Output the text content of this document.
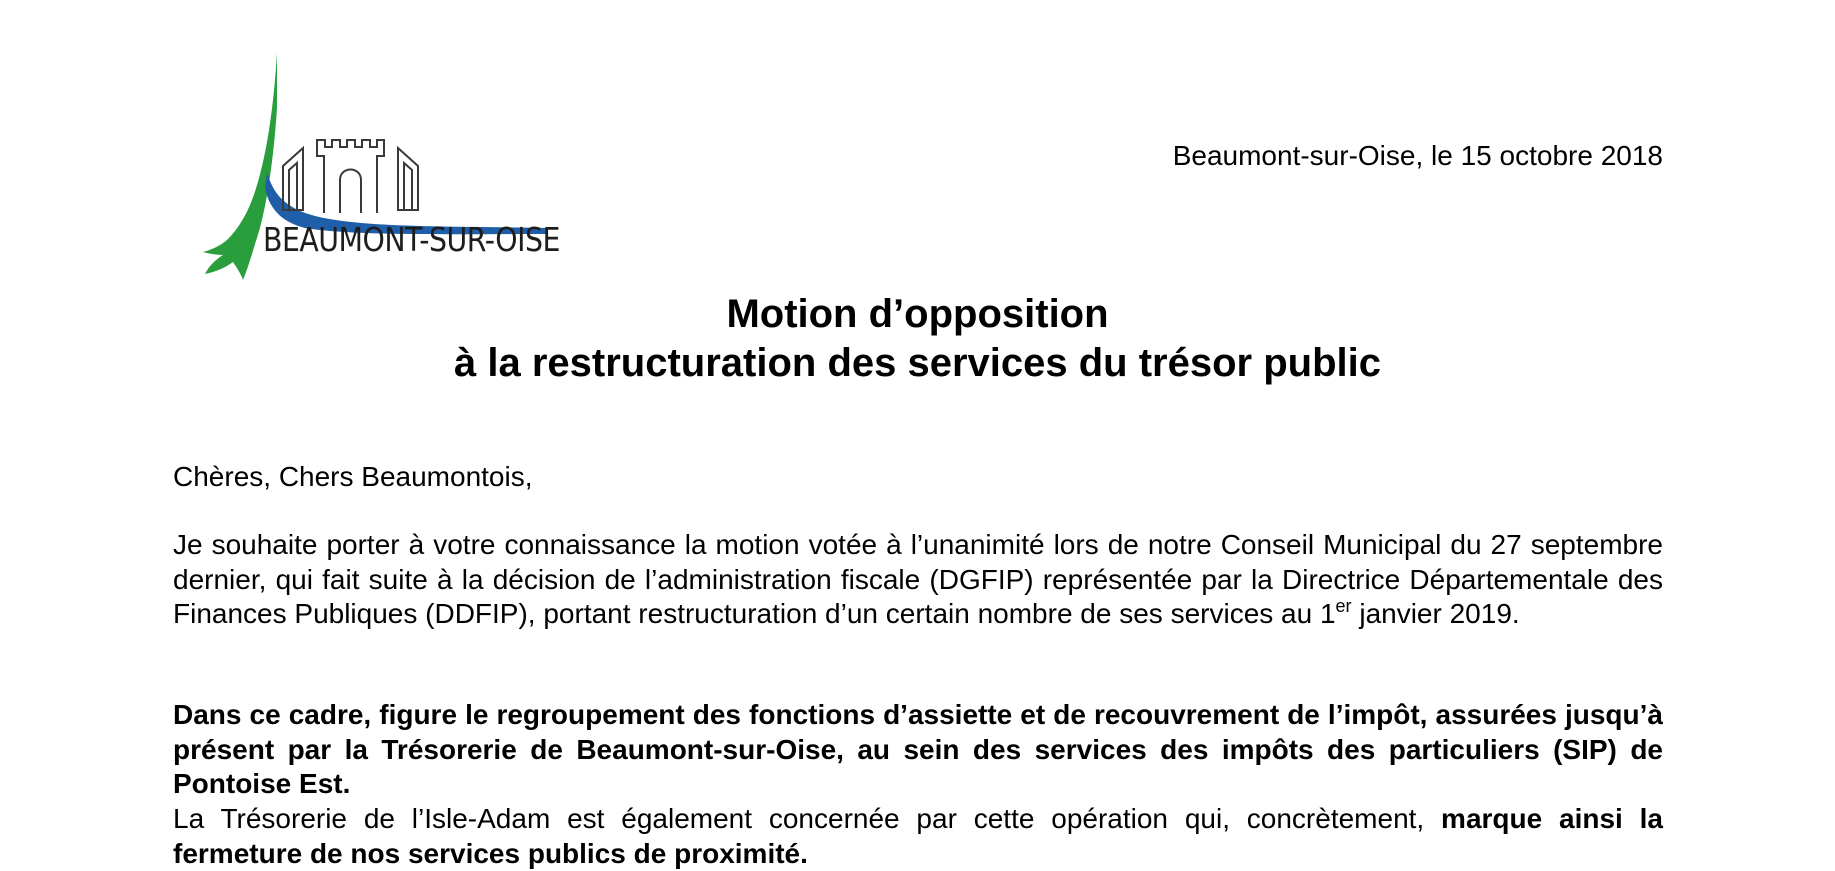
BEAUMONT-SUR-OISE
Beaumont-sur-Oise, le 15 octobre 2018
Motion d’opposition
à la restructuration des services du trésor public
Chères, Chers Beaumontois,
Je souhaite porter à votre connaissance la motion votée à l’unanimité lors de notre Conseil Municipal du 27 septembre dernier, qui fait suite à la décision de l’administration fiscale (DGFIP) représentée par la Directrice Départementale des Finances Publiques (DDFIP), portant restructuration d’un certain nombre de ses services au 1er janvier 2019.
Dans ce cadre, figure le regroupement des fonctions d’assiette et de recouvrement de l’impôt, assurées jusqu’à présent par la Trésorerie de Beaumont-sur-Oise, au sein des services des impôts des particuliers (SIP) de Pontoise Est.
La Trésorerie de l’Isle-Adam est également concernée par cette opération qui, concrètement, marque ainsi la fermeture de nos services publics de proximité.
